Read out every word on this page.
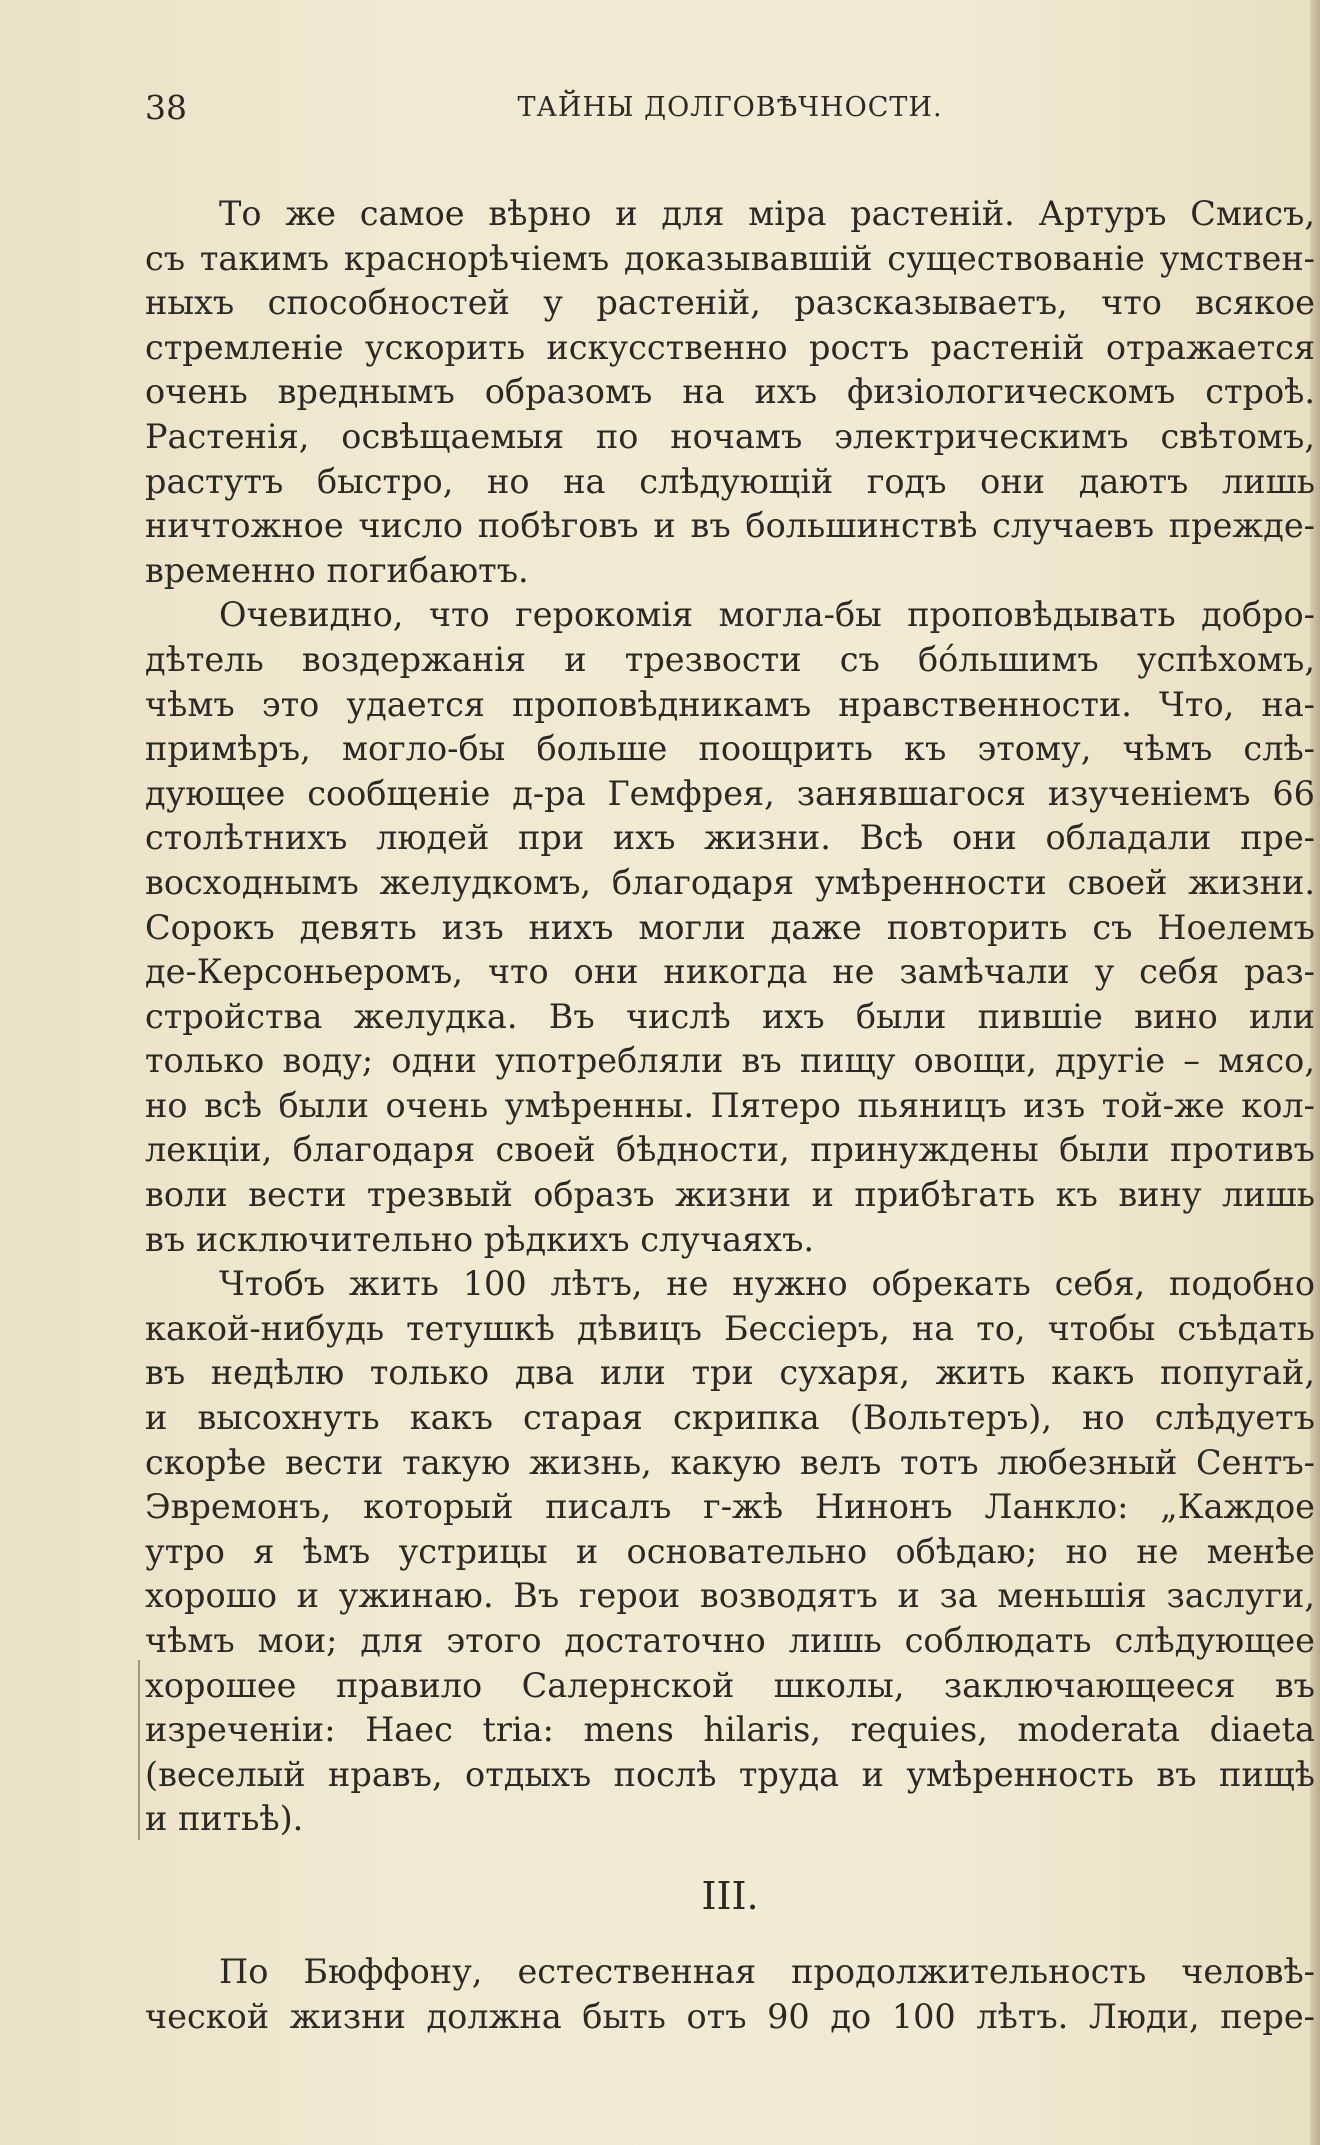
38	ТАЙНЫ ДОЛГОВѢЧНОСТИ.
То же самое вѣрно и для міра растеній. Артуръ Смисъ,
съ такимъ краснорѣчіемъ доказывавшій существованіе умствен-
ныхъ способностей у растеній, разсказываетъ, что всякое
стремленіе ускорить искусственно ростъ растеній отражается
очень вреднымъ образомъ на ихъ физіологическомъ строѣ.
Растенія, освѣщаемыя по ночамъ электрическимъ свѣтомъ,
растутъ быстро, но на слѣдующій годъ они даютъ лишь
ничтожное число побѣговъ и въ большинствѣ случаевъ прежде-
временно погибаютъ.
Очевидно, что герокомія могла-бы проповѣдывать добро-
дѣтель воздержанія и трезвости съ бо́льшимъ успѣхомъ,
чѣмъ это удается проповѣдникамъ нравственности. Что, на-
примѣръ, могло-бы больше поощрить къ этому, чѣмъ слѣ-
дующее сообщеніе д-ра Гемфрея, занявшагося изученіемъ 66
столѣтнихъ людей при ихъ жизни. Всѣ они обладали пре-
восходнымъ желудкомъ, благодаря умѣренности своей жизни.
Сорокъ девять изъ нихъ могли даже повторить съ Ноелемъ
де-Керсоньеромъ, что они никогда не замѣчали у себя раз-
стройства желудка. Въ числѣ ихъ были пившіе вино или
только воду; одни употребляли въ пищу овощи, другіе – мясо,
но всѣ были очень умѣренны. Пятеро пьяницъ изъ той-же кол-
лекціи, благодаря своей бѣдности, принуждены были противъ
воли вести трезвый образъ жизни и прибѣгать къ вину лишь
въ исключительно рѣдкихъ случаяхъ.
Чтобъ жить 100 лѣтъ, не нужно обрекать себя, подобно
какой-нибудь тетушкѣ дѣвицъ Бессіеръ, на то, чтобы съѣдать
въ недѣлю только два или три сухаря, жить какъ попугай,
и высохнуть какъ старая скрипка (Вольтеръ), но слѣдуетъ
скорѣе вести такую жизнь, какую велъ тотъ любезный Сентъ-
Эвремонъ, который писалъ г-жѣ Нинонъ Ланкло: „Каждое
утро я ѣмъ устрицы и основательно обѣдаю; но не менѣе
хорошо и ужинаю. Въ герои возводятъ и за меньшія заслуги,
чѣмъ мои; для этого достаточно лишь соблюдать слѣдующее
хорошее правило Салернской школы, заключающееся въ
изреченіи: Haec tria: mens hilaris, requies, moderata diaeta
(веселый нравъ, отдыхъ послѣ труда и умѣренность въ пищѣ
и питьѣ).
III.
По Бюффону, естественная продолжительность человѣ-
ческой жизни должна быть отъ 90 до 100 лѣтъ. Люди, пере-
